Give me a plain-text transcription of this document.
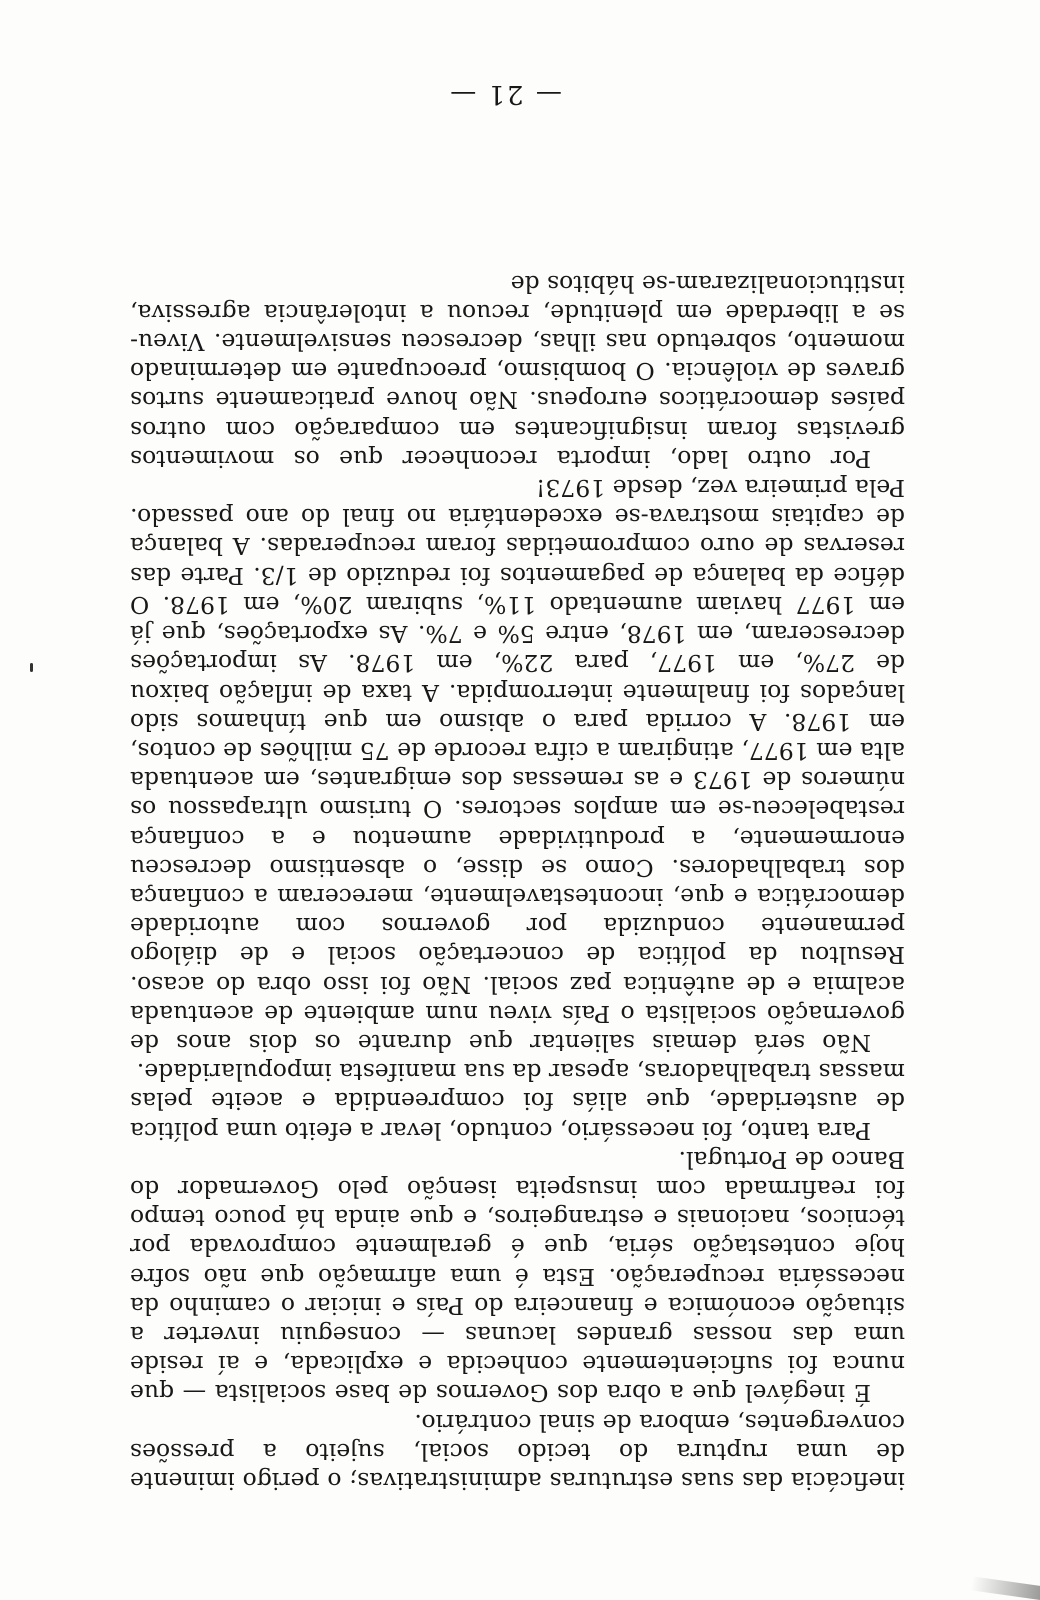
ineficácia das suas estruturas administrativas; o perigo iminente de uma ruptura do tecido social, sujeito a pressões convergentes, embora de sinal contrário.

É inegável que a obra dos Governos de base socialista — que nunca foi suficientemente conhecida e explicada, e aí reside uma das nossas grandes lacunas — conseguiu inverter a situação económica e financeira do País e iniciar o caminho da necessária recuperação. Esta é uma afirmação que não sofre hoje contestação séria, que é geralmente comprovada por técnicos, nacionais e estrangeiros, e que ainda há pouco tempo foi reafirmada com insuspeita isenção pelo Governador do Banco de Portugal.

Para tanto, foi necessário, contudo, levar a efeito uma política de austeridade, que aliás foi compreendida e aceite pelas massas trabalhadoras, apesar da sua manifesta impopularidade.

Não será demais salientar que durante os dois anos de governação socialista o País viveu num ambiente de acentuada acalmia e de autêntica paz social. Não foi isso obra do acaso. Resultou da política de concertação social e de diálogo permanente conduzida por governos com autoridade democrática e que, incontestavelmente, mereceram a confiança dos trabalhadores. Como se disse, o absentismo decresceu enormemente, a produtividade aumentou e a confiança restabeleceu-se em amplos sectores. O turismo ultrapassou os números de 1973 e as remessas dos emigrantes, em acentuada alta em 1977, atingiram a cifra recorde de 75 milhões de contos, em 1978. A corrida para o abismo em que tínhamos sido lançados foi finalmente interrompida. A taxa de inflação baixou de 27%, em 1977, para 22%, em 1978. As importações decresceram, em 1978, entre 5% e 7%. As exportações, que já em 1977 haviam aumentado 11%, subiram 20%, em 1978. O défice da balança de pagamentos foi reduzido de 1/3. Parte das reservas de ouro comprometidas foram recuperadas. A balança de capitais mostrava-se excedentária no final do ano passado. Pela primeira vez, desde 1973!

Por outro lado, importa reconhecer que os movimentos grevistas foram insignificantes em comparação com outros países democráticos europeus. Não houve praticamente surtos graves de violência. O bombismo, preocupante em determinado momento, sobretudo nas ilhas, decresceu sensivelmente. Viveu-se a liberdade em plenitude, recuou a intolerância agressiva, institucionalizaram-se hábitos de

— 21 —
